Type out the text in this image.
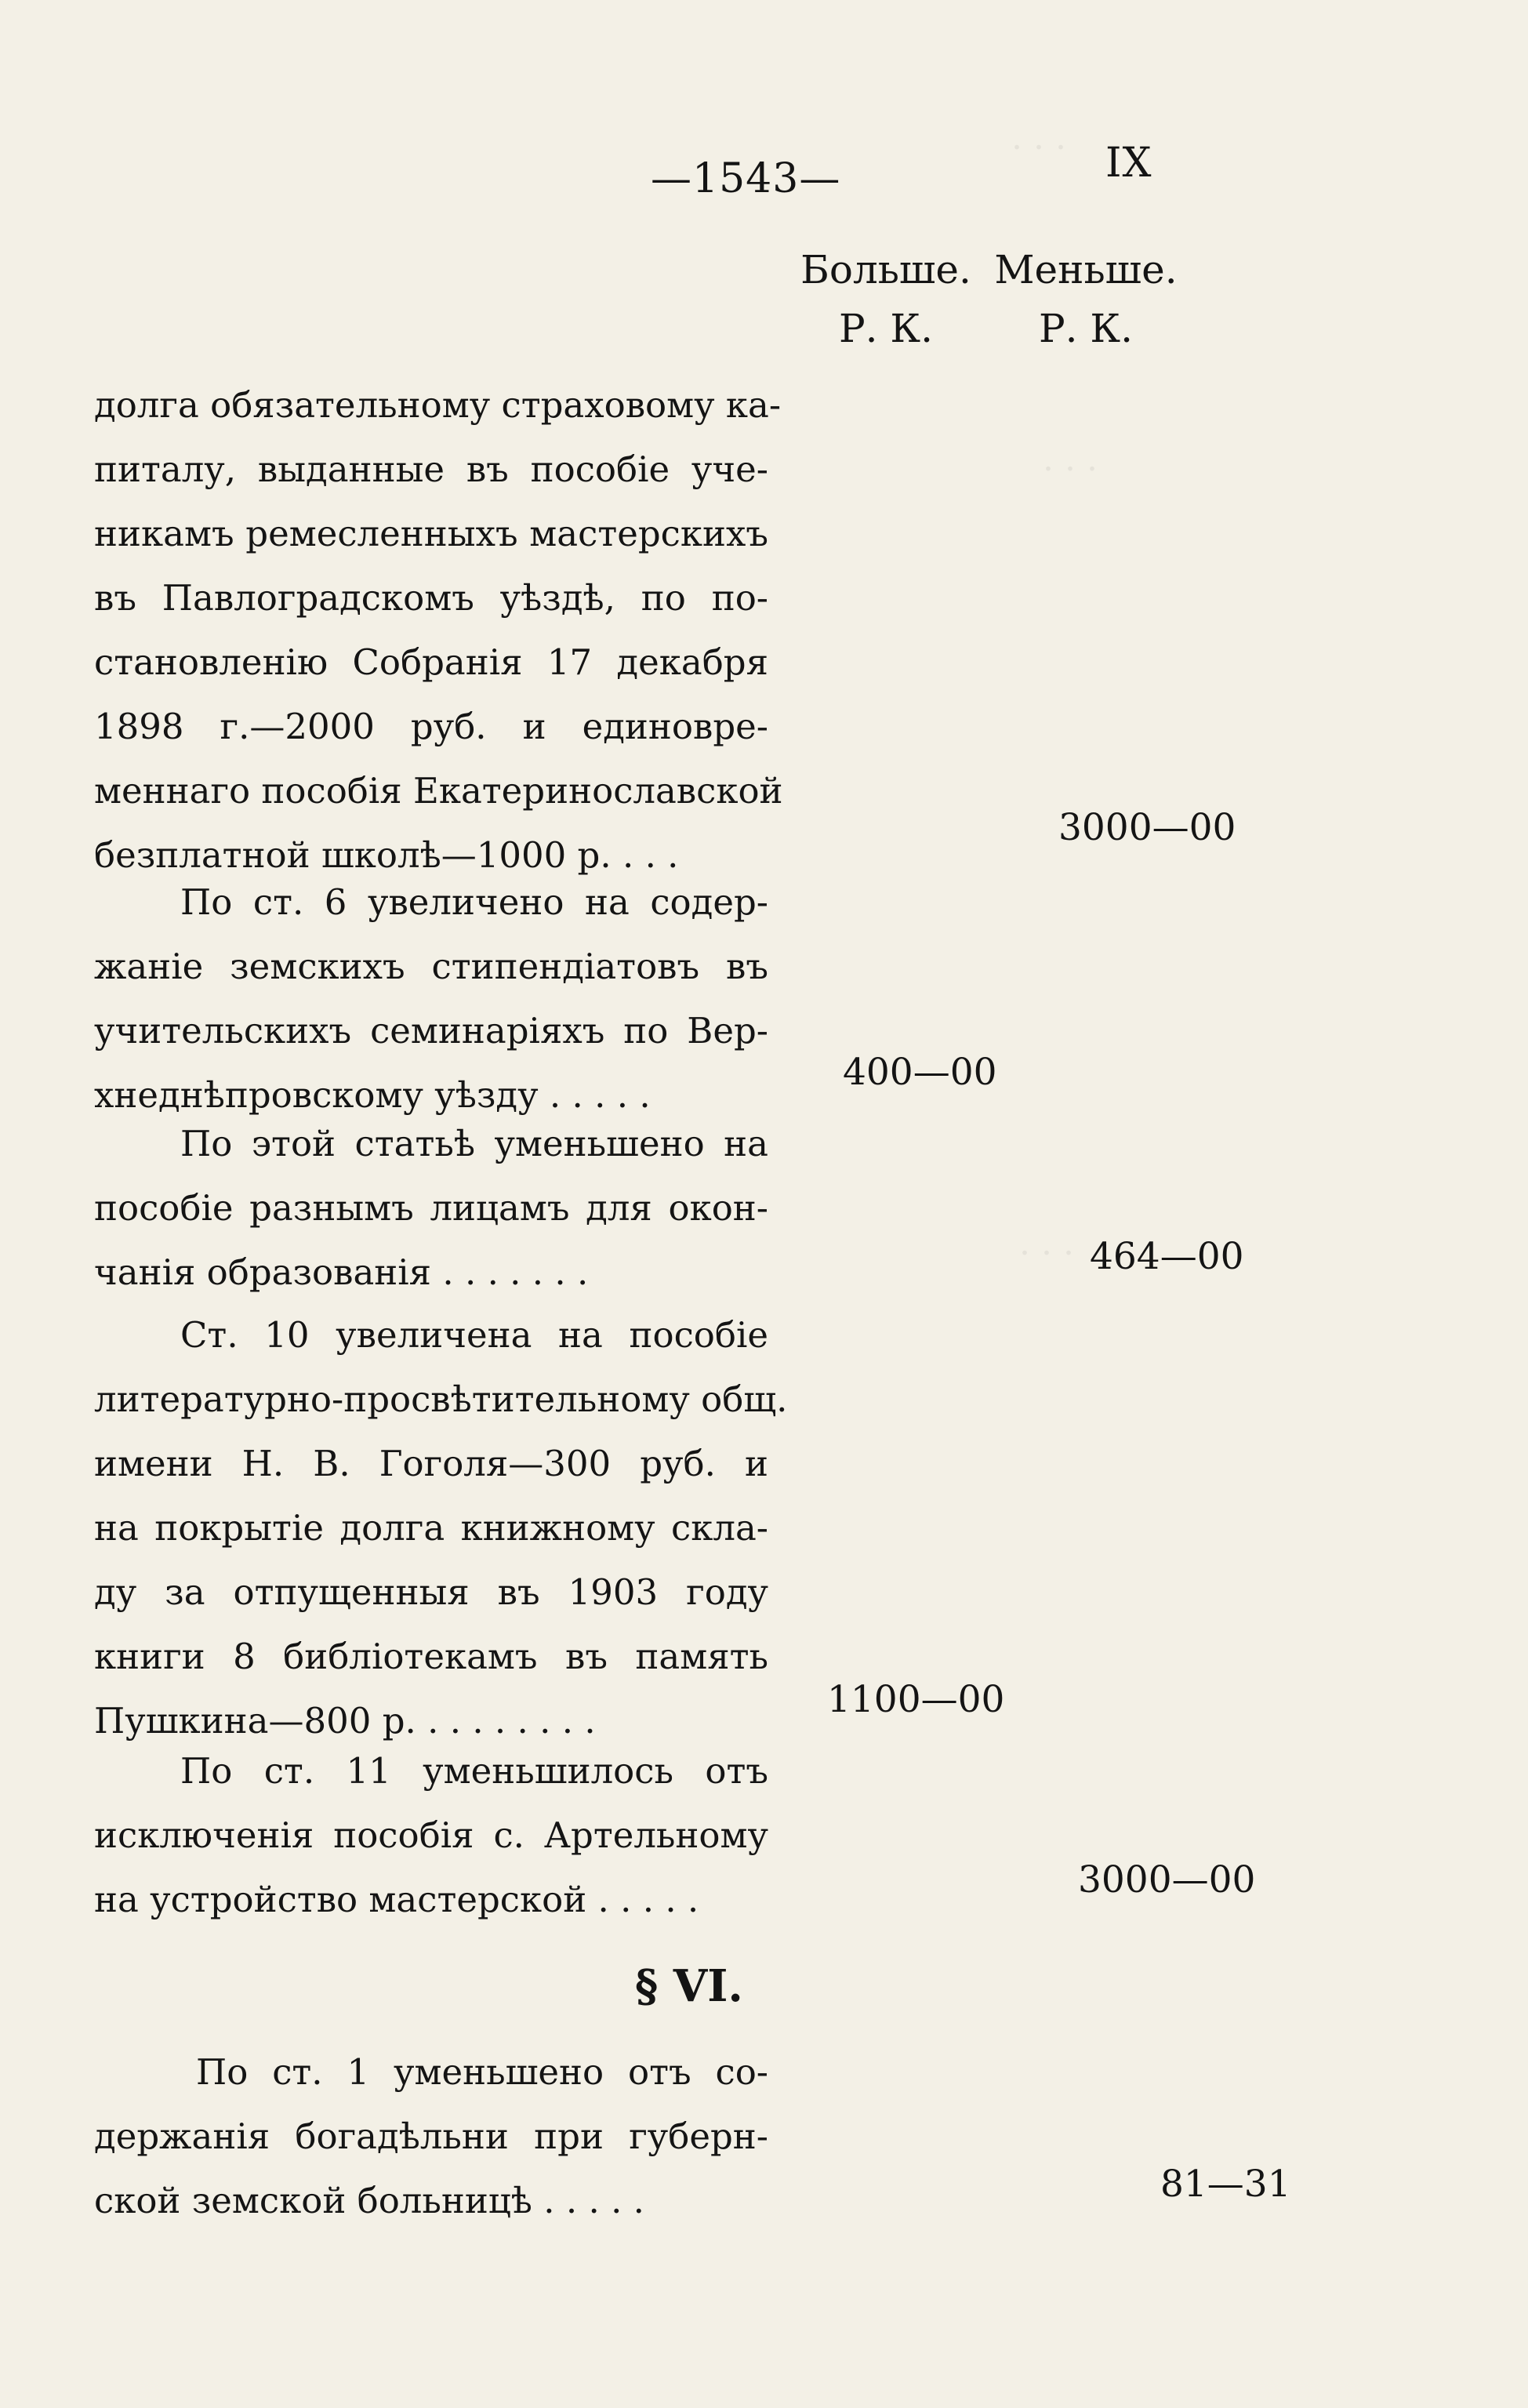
. . .
. . .
. . .
—1543—	IX
Больше.
Р. К.
Меньше.
Р. К.
долга обязательному страховому ка-
питалу, выданные въ пособіе уче-
никамъ ремесленныхъ мастерскихъ
въ Павлоградскомъ уѣздѣ, по по-
становленію Собранія 17 декабря
1898 г.—2000 руб. и единовре-
меннаго пособія Екатеринославской
безплатной школѣ—1000 р. . . .
3000—00
По ст. 6 увеличено на содер-
жаніе земскихъ стипендіатовъ въ
учительскихъ семинаріяхъ по Вер-
хнеднѣпровскому уѣзду . . . . .
400—00
По этой статьѣ уменьшено на
пособіе разнымъ лицамъ для окон-
чанія образованія . . . . . . .	464—00
Ст. 10 увеличена на пособіе
литературно-просвѣтительному общ.
имени Н. В. Гоголя—300 руб. и
на покрытіе долга книжному скла-
ду за отпущенныя въ 1903 году
книги 8 библіотекамъ въ память
Пушкина—800 р. . . . . . . . .	1100—00
По ст. 11 уменьшилось отъ
исключенія пособія с. Артельному
на устройство мастерской . . . . .	3000—00
§ VI.
По ст. 1 уменьшено отъ со-
держанія богадѣльни при губерн-
ской земской больницѣ . . . . .	81—31
